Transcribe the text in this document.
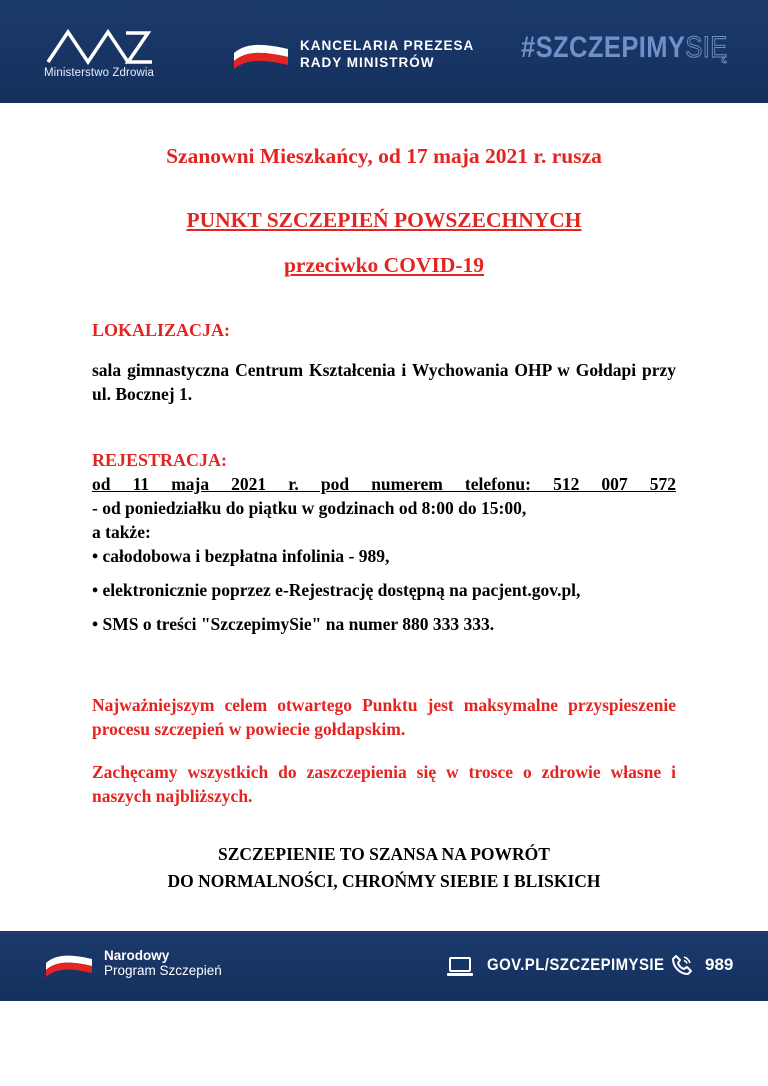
Ministerstwo Zdrowia
KANCELARIA PREZESA
RADY MINISTRÓW	#SZCZEPIMYSIĘ
Szanowni Mieszkańcy, od 17 maja 2021 r. rusza
PUNKT SZCZEPIEŃ POWSZECHNYCH
przeciwko COVID-19
LOKALIZACJA:
sala gimnastyczna Centrum Kształcenia i Wychowania OHP w Gołdapi przy ul. Bocznej 1.
REJESTRACJA:
od 11 maja 2021 r. pod numerem telefonu: 512 007 572
- od poniedziałku do piątku w godzinach od 8:00 do 15:00,
a także:
• całodobowa i bezpłatna infolinia - 989,
• elektronicznie poprzez e-Rejestrację dostępną na pacjent.gov.pl,
• SMS o treści "SzczepimySie" na numer 880 333 333.
Najważniejszym celem otwartego Punktu jest maksymalne przyspieszenie procesu szczepień w powiecie gołdapskim.
Zachęcamy wszystkich do zaszczepienia się w trosce o zdrowie własne i naszych najbliższych.
SZCZEPIENIE TO SZANSA NA POWRÓT
DO NORMALNOŚCI, CHROŃMY SIEBIE I BLISKICH
Narodowy
Program Szczepień	GOV.PL/SZCZEPIMYSIE 989
